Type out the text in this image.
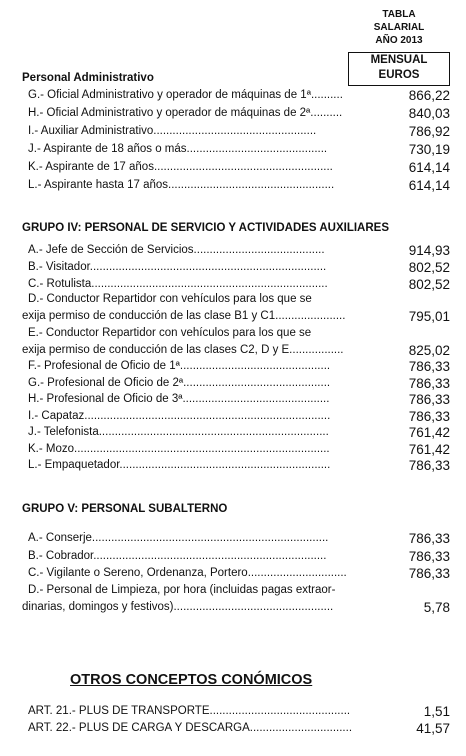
TABLA
SALARIAL
AÑO 2013
MENSUAL
EUROS
Personal Administrativo
G.- Oficial Administrativo y operador de máquinas de 1ª..........	866,22
H.- Oficial Administrativo y operador de máquinas de 2ª..........	840,03
I.- Auxiliar Administrativo...................................................	786,92
J.- Aspirante de 18 años o más............................................	730,19
K.- Aspirante de 17 años........................................................	614,14
L.- Aspirante hasta 17 años....................................................	614,14
GRUPO IV: PERSONAL DE SERVICIO Y ACTIVIDADES AUXILIARES
A.- Jefe de Sección de Servicios.........................................	914,93
B.- Visitador..........................................................................	802,52
C.- Rotulista..........................................................................	802,52
D.- Conductor Repartidor con vehículos para los que se
exija permiso de conducción de las clase B1 y C1......................	795,01
E.- Conductor Repartidor con vehículos para los que se
exija permiso de conducción de las clases C2, D y E.................	825,02
F.- Profesional de Oficio de 1ª...............................................	786,33
G.- Profesional de Oficio de 2ª..............................................	786,33
H.- Profesional de Oficio de 3ª..............................................	786,33
I.- Capataz.............................................................................	786,33
J.- Telefonista........................................................................	761,42
K.- Mozo................................................................................	761,42
L.- Empaquetador..................................................................	786,33
GRUPO V: PERSONAL SUBALTERNO
A.- Conserje..........................................................................	786,33
B.- Cobrador.........................................................................	786,33
C.- Vigilante o Sereno, Ordenanza, Portero...............................	786,33
D.- Personal de Limpieza, por hora (incluidas pagas extraor-
dinarias, domingos y festivos)..................................................	5,78
OTROS CONCEPTOS CONÓMICOS
ART. 21.- PLUS DE TRANSPORTE............................................	1,51
ART. 22.- PLUS DE CARGA Y DESCARGA................................	41,57
